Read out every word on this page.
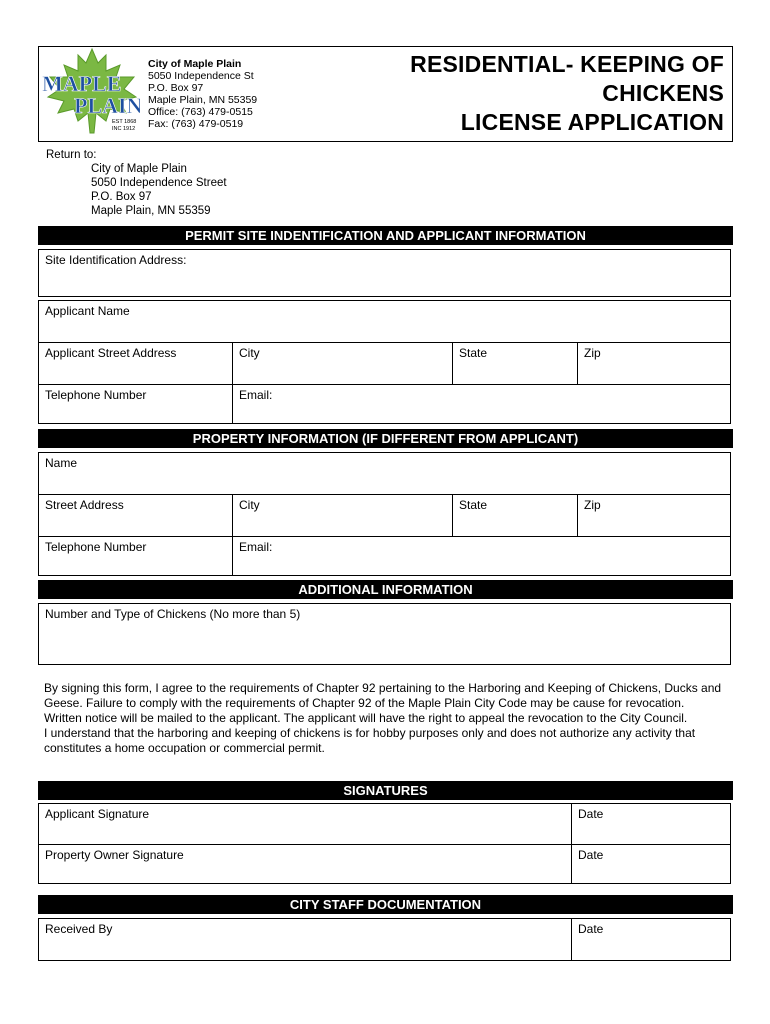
MAPLE
PLAIN
EST 1868
INC 1912
City of Maple Plain
5050 Independence St
P.O. Box 97
Maple Plain, MN 55359
Office: (763) 479-0515
Fax: (763) 479-0519
RESIDENTIAL- KEEPING OF
CHICKENS
LICENSE APPLICATION
Return to:
City of Maple Plain
5050 Independence Street
P.O. Box 97
Maple Plain, MN 55359
PERMIT SITE INDENTIFICATION AND APPLICANT INFORMATION
Site Identification Address:
Applicant Name
Applicant Street Address	City	State	Zip
Telephone Number	Email:
PROPERTY INFORMATION (IF DIFFERENT FROM APPLICANT)
Name
Street Address	City	State	Zip
Telephone Number	Email:
ADDITIONAL INFORMATION
Number and Type of Chickens (No more than 5)

By signing this form, I agree to the requirements of Chapter 92 pertaining to the Harboring and Keeping of Chickens, Ducks and Geese. Failure to comply with the requirements of Chapter 92 of the Maple Plain City Code may be cause for revocation. Written notice will be mailed to the applicant. The applicant will have the right to appeal the revocation to the City Council.

I understand that the harboring and keeping of chickens is for hobby purposes only and does not authorize any activity that constitutes a home occupation or commercial permit.

SIGNATURES
Applicant Signature	Date
Property Owner Signature	Date
CITY STAFF DOCUMENTATION
Received By	Date
